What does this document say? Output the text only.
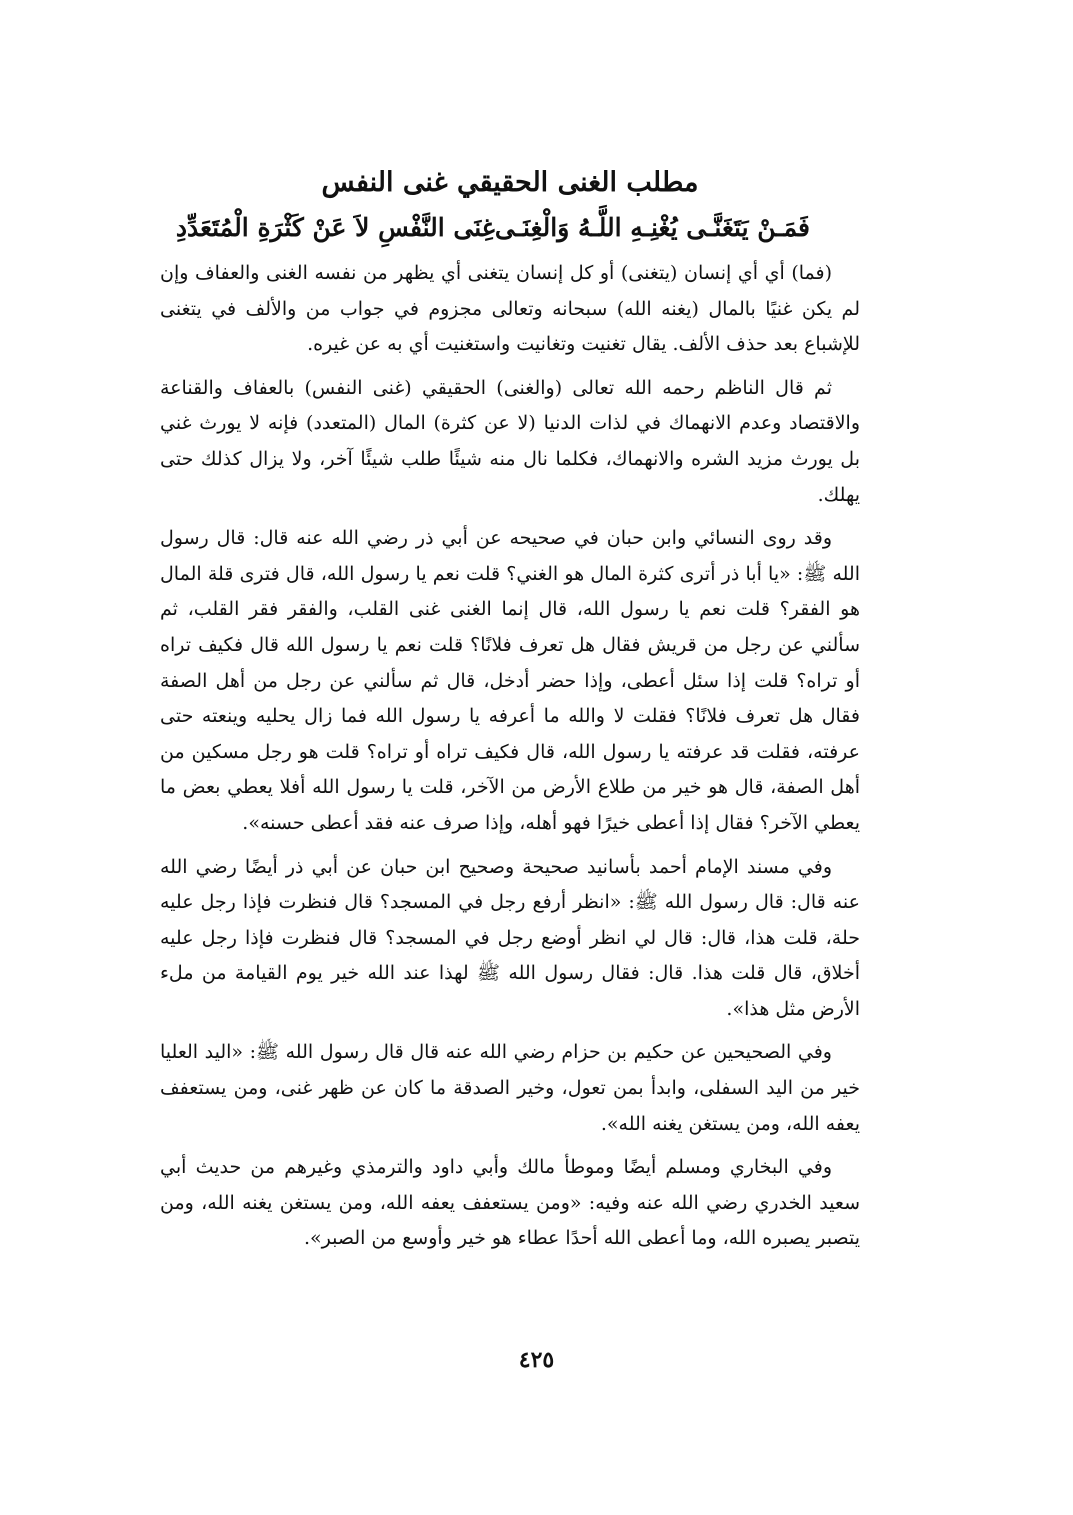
مطلب الغنى الحقيقي غنى النفس
فَمَـنْ يَتَغَنَّـى يُغْنِـهِ اللَّـهُ وَالْغِنَـى
غِنَى النَّفْسِ لاَ عَنْ كَثْرَةِ الْمُتَعَدِّدِ

(فما) أي أي إنسان (يتغنى) أو كل إنسان يتغنى أي يظهر من نفسه الغنى والعفاف وإن لم يكن غنيًا بالمال (يغنه الله) سبحانه وتعالى مجزوم في جواب من والألف في يتغنى للإشباع بعد حذف الألف. يقال تغنيت وتغانيت واستغنيت أي به عن غيره.

ثم قال الناظم رحمه الله تعالى (والغنى) الحقيقي (غنى النفس) بالعفاف والقناعة والاقتصاد وعدم الانهماك في لذات الدنيا (لا عن كثرة) المال (المتعدد) فإنه لا يورث غني بل يورث مزيد الشره والانهماك، فكلما نال منه شيئًا طلب شيئًا آخر، ولا يزال كذلك حتى يهلك.

وقد روى النسائي وابن حبان في صحيحه عن أبي ذر رضي الله عنه قال: قال رسول الله ﷺ: «يا أبا ذر أترى كثرة المال هو الغني؟ قلت نعم يا رسول الله، قال فترى قلة المال هو الفقر؟ قلت نعم يا رسول الله، قال إنما الغنى غنى القلب، والفقر فقر القلب، ثم سألني عن رجل من قريش فقال هل تعرف فلانًا؟ قلت نعم يا رسول الله قال فكيف تراه أو تراه؟ قلت إذا سئل أعطى، وإذا حضر أدخل، قال ثم سألني عن رجل من أهل الصفة فقال هل تعرف فلانًا؟ فقلت لا والله ما أعرفه يا رسول الله فما زال يحليه وينعته حتى عرفته، فقلت قد عرفته يا رسول الله، قال فكيف تراه أو تراه؟ قلت هو رجل مسكين من أهل الصفة، قال هو خير من طلاع الأرض من الآخر، قلت يا رسول الله أفلا يعطي بعض ما يعطي الآخر؟ فقال إذا أعطى خيرًا فهو أهله، وإذا صرف عنه فقد أعطى حسنه».

وفي مسند الإمام أحمد بأسانيد صحيحة وصحيح ابن حبان عن أبي ذر أيضًا رضي الله عنه قال: قال رسول الله ﷺ: «انظر أرفع رجل في المسجد؟ قال فنظرت فإذا رجل عليه حلة، قلت هذا، قال: قال لي انظر أوضع رجل في المسجد؟ قال فنظرت فإذا رجل عليه أخلاق، قال قلت هذا. قال: فقال رسول الله ﷺ لهذا عند الله خير يوم القيامة من ملء الأرض مثل هذا».

وفي الصحيحين عن حكيم بن حزام رضي الله عنه قال قال رسول الله ﷺ: «اليد العليا خير من اليد السفلى، وابدأ بمن تعول، وخير الصدقة ما كان عن ظهر غنى، ومن يستعفف يعفه الله، ومن يستغن يغنه الله».

وفي البخاري ومسلم أيضًا وموطأ مالك وأبي داود والترمذي وغيرهم من حديث أبي سعيد الخدري رضي الله عنه وفيه: «ومن يستعفف يعفه الله، ومن يستغن يغنه الله، ومن يتصبر يصبره الله، وما أعطى الله أحدًا عطاء هو خير وأوسع من الصبر».

٤٢٥
